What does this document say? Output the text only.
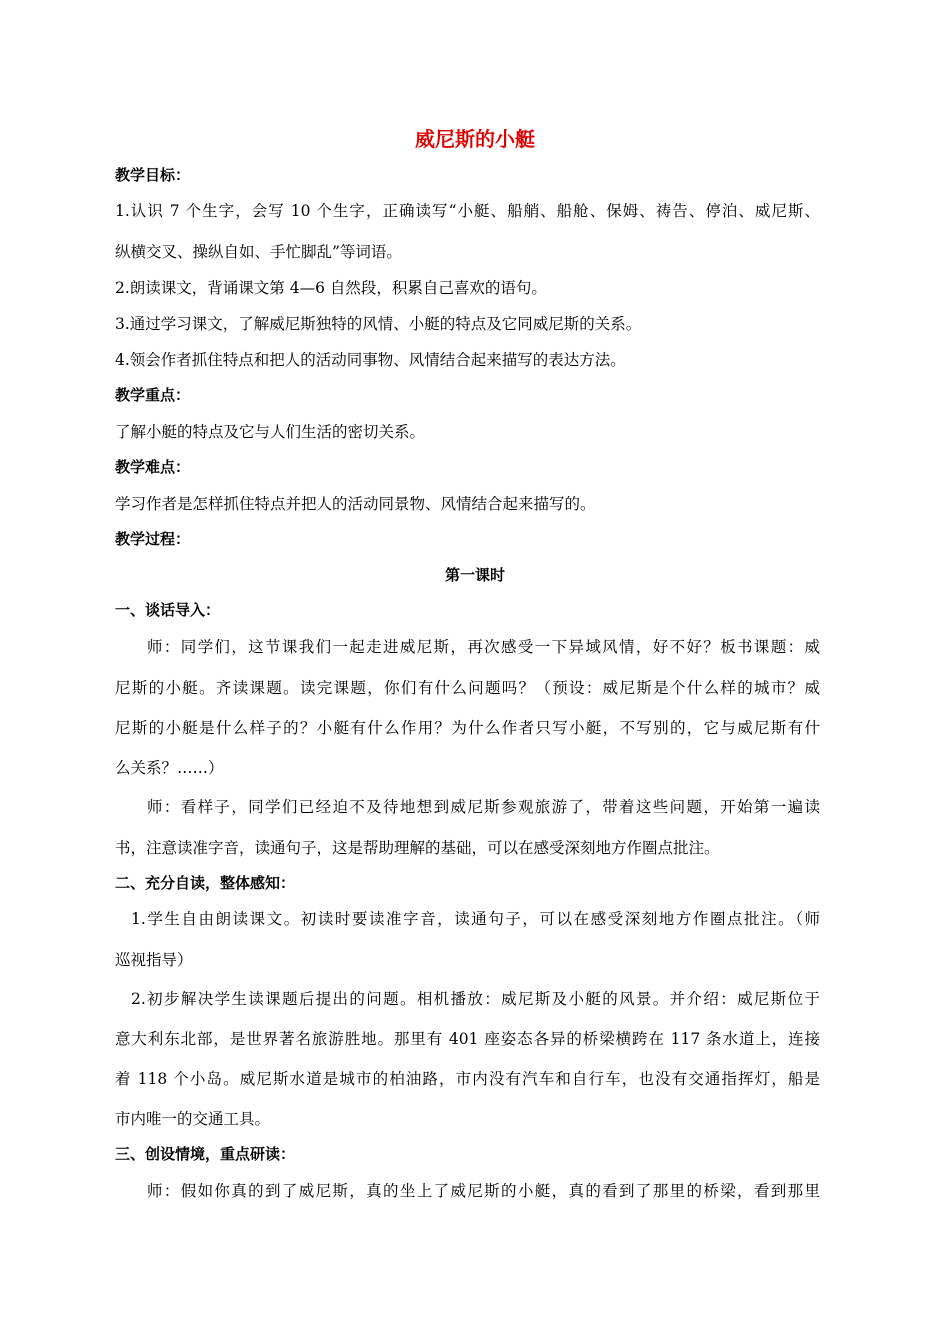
威尼斯的小艇
教学目标：
1.认识 7 个生字，会写 10 个生字，正确读写“小艇、船艄、船舱、保姆、祷告、停泊、威尼斯、
纵横交叉、操纵自如、手忙脚乱”等词语。
2.朗读课文，背诵课文第 4—6 自然段，积累自己喜欢的语句。
3.通过学习课文，了解威尼斯独特的风情、小艇的特点及它同威尼斯的关系。
4.领会作者抓住特点和把人的活动同事物、风情结合起来描写的表达方法。
教学重点：
了解小艇的特点及它与人们生活的密切关系。
教学难点：
学习作者是怎样抓住特点并把人的活动同景物、风情结合起来描写的。
教学过程：
第一课时
一、谈话导入：
师：同学们，这节课我们一起走进威尼斯，再次感受一下异域风情，好不好？板书课题：威
尼斯的小艇。齐读课题。读完课题，你们有什么问题吗？（预设：威尼斯是个什么样的城市？威
尼斯的小艇是什么样子的？小艇有什么作用？为什么作者只写小艇，不写别的，它与威尼斯有什
么关系？……）
师：看样子，同学们已经迫不及待地想到威尼斯参观旅游了，带着这些问题，开始第一遍读
书，注意读准字音，读通句子，这是帮助理解的基础，可以在感受深刻地方作圈点批注。
二、充分自读，整体感知：
1.学生自由朗读课文。初读时要读准字音，读通句子，可以在感受深刻地方作圈点批注。（师
巡视指导）
2.初步解决学生读课题后提出的问题。相机播放：威尼斯及小艇的风景。并介绍：威尼斯位于
意大利东北部，是世界著名旅游胜地。那里有 401 座姿态各异的桥梁横跨在 117 条水道上，连接
着 118 个小岛。威尼斯水道是城市的柏油路，市内没有汽车和自行车，也没有交通指挥灯，船是
市内唯一的交通工具。
三、创设情境，重点研读：
师：假如你真的到了威尼斯，真的坐上了威尼斯的小艇，真的看到了那里的桥梁，看到那里
